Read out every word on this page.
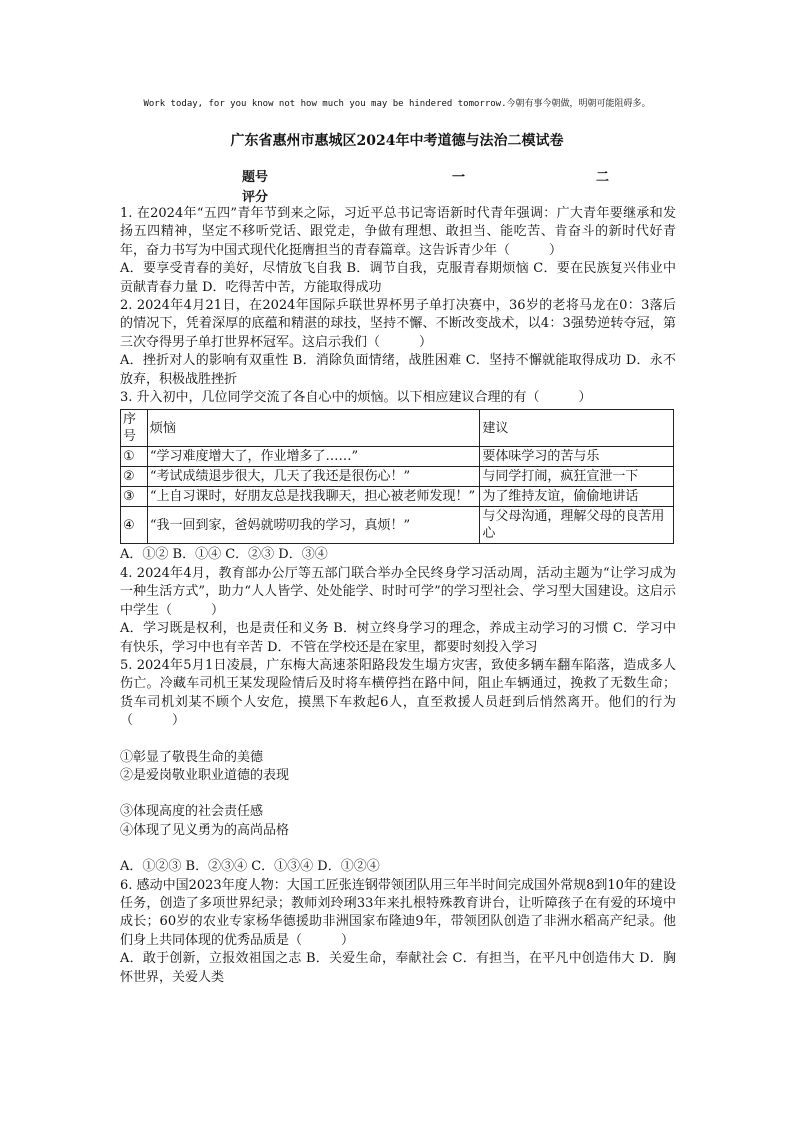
Work today, for you know not how much you may be hindered tomorrow.今朝有事今朝做，明朝可能阻碍多。
广东省惠州市惠城区2024年中考道德与法治二模试卷
题号	一	二
评分

1. 在2024年“五四”青年节到来之际，习近平总书记寄语新时代青年强调：广大青年要继承和发扬五四精神，坚定不移听党话、跟党走，争做有理想、敢担当、能吃苦、肯奋斗的新时代好青年，奋力书写为中国式现代化挺膺担当的青春篇章。这告诉青少年（　　　）

A．要享受青春的美好，尽情放飞自我 B．调节自我，克服青春期烦恼 C．要在民族复兴伟业中贡献青春力量 D．吃得苦中苦，方能取得成功

2. 2024年4月21日，在2024年国际乒联世界杯男子单打决赛中，36岁的老将马龙在0：3落后的情况下，凭着深厚的底蕴和精湛的球技，坚持不懈、不断改变战术，以4：3强势逆转夺冠，第三次夺得男子单打世界杯冠军。这启示我们（　　　）

A．挫折对人的影响有双重性 B．消除负面情绪，战胜困难 C．坚持不懈就能取得成功 D．永不放弃，积极战胜挫折

3. 升入初中，几位同学交流了各自心中的烦恼。以下相应建议合理的有（　　　）

序号	烦恼	建议
①	“学习难度增大了，作业增多了……”	要体味学习的苦与乐
②	“考试成绩退步很大，几天了我还是很伤心！”	与同学打闹，疯狂宣泄一下
③	“上自习课时，好朋友总是找我聊天，担心被老师发现！”	为了维持友谊，偷偷地讲话
④	“我一回到家，爸妈就唠叨我的学习，真烦！”	与父母沟通，理解父母的良苦用心

A．①② B．①④ C．②③ D．③④

4. 2024年4月，教育部办公厅等五部门联合举办全民终身学习活动周，活动主题为“让学习成为一种生活方式”，助力“人人皆学、处处能学、时时可学”的学习型社会、学习型大国建设。这启示中学生（　　　）

A．学习既是权利，也是责任和义务 B．树立终身学习的理念，养成主动学习的习惯 C．学习中有快乐，学习中也有辛苦 D．不管在学校还是在家里，都要时刻投入学习

5. 2024年5月1日凌晨，广东梅大高速茶阳路段发生塌方灾害，致使多辆车翻车陷落，造成多人伤亡。冷藏车司机王某发现险情后及时将车横停挡在路中间，阻止车辆通过，挽救了无数生命；货车司机刘某不顾个人安危，摸黑下车救起6人，直至救援人员赶到后悄然离开。他们的行为（　　　）

①彰显了敬畏生命的美德

②是爱岗敬业职业道德的表现

③体现高度的社会责任感

④体现了见义勇为的高尚品格

A．①②③ B．②③④ C．①③④ D．①②④

6. 感动中国2023年度人物：大国工匠张连钢带领团队用三年半时间完成国外常规8到10年的建设任务，创造了多项世界纪录；教师刘玲琍33年来扎根特殊教育讲台，让听障孩子在有爱的环境中成长；60岁的农业专家杨华德援助非洲国家布隆迪9年，带领团队创造了非洲水稻高产纪录。他们身上共同体现的优秀品质是（　　　）

A．敢于创新，立报效祖国之志 B．关爱生命，奉献社会 C．有担当，在平凡中创造伟大 D．胸怀世界，关爱人类
